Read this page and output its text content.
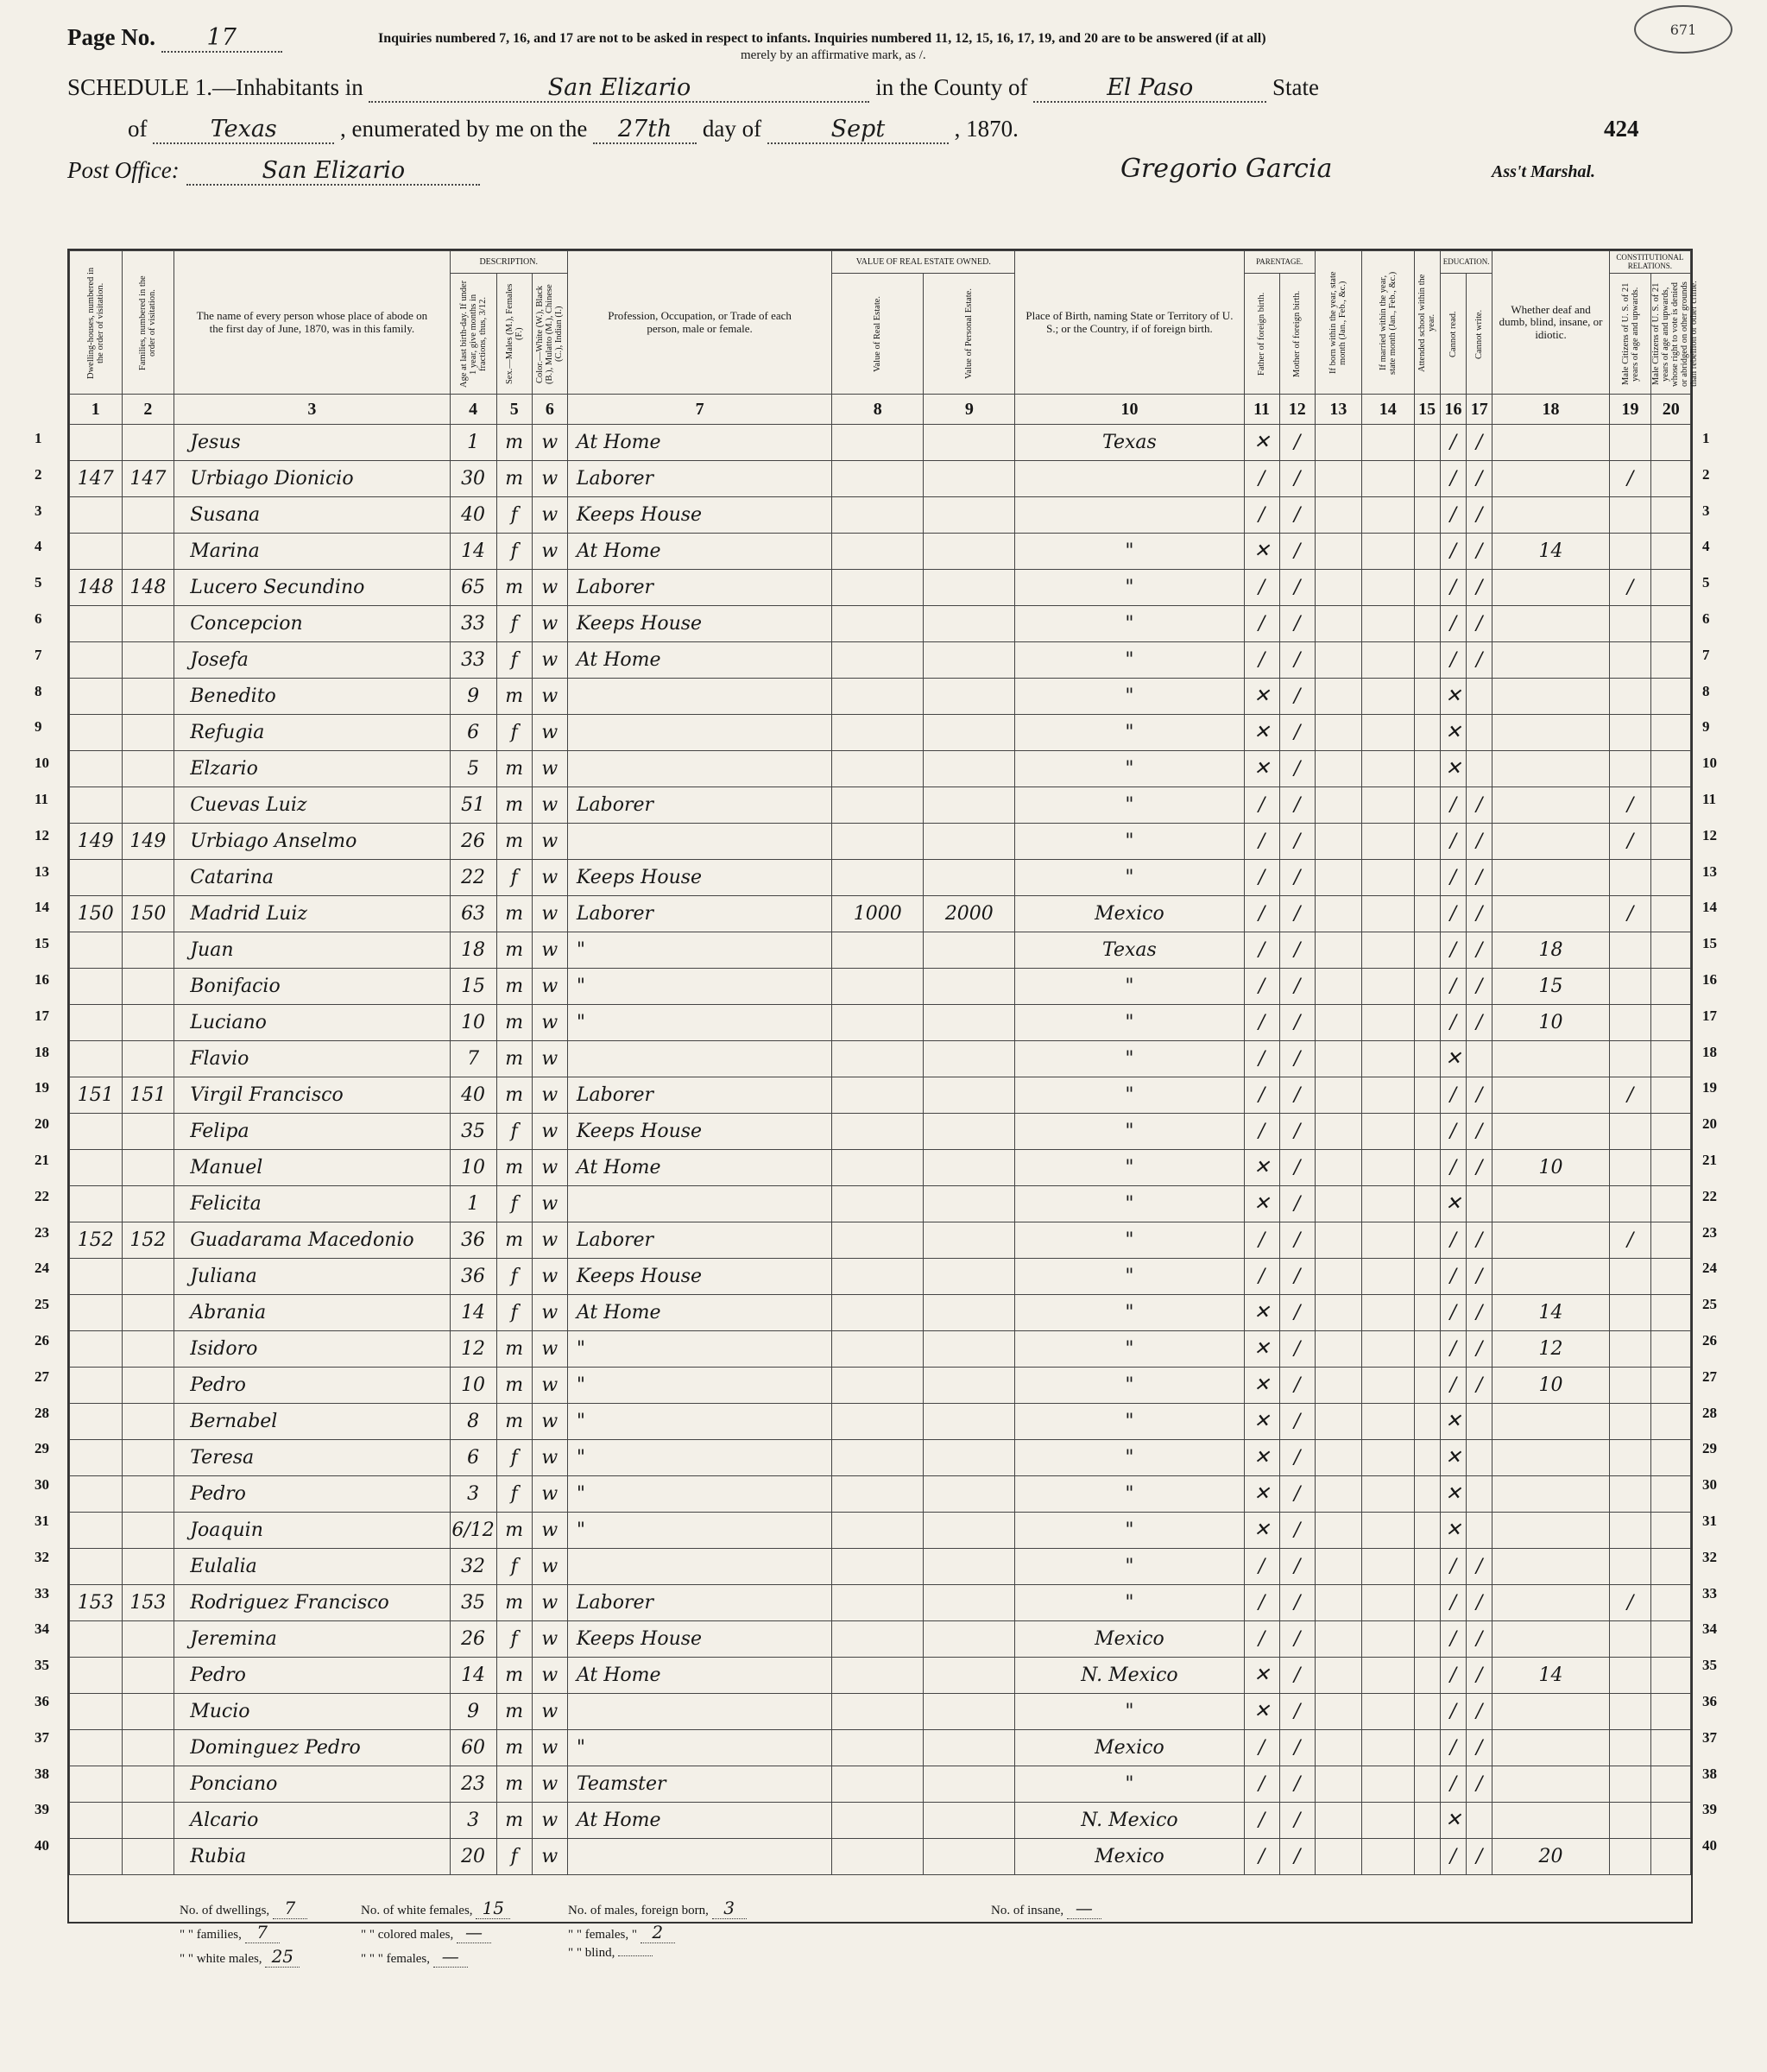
671
Page No. 17	Inquiries numbered 7, 16, and 17 are not to be asked in respect to infants. Inquiries numbered 11, 12, 15, 16, 17, 19, and 20 are to be answered (if at all)
merely by an affirmative mark, as /.
SCHEDULE 1.—Inhabitants in	San Elizario	in the County of	El Paso	State
of	Texas	, enumerated by me on the 27th day of	Sept	, 1870.	424
Post Office:	San Elizario	Gregorio Garcia	Ass't Marshal.
Dwelling-houses, numbered in the order of visitation.	Families, numbered in the order of visitation.	The name of every person whose place of abode on the first day of June, 1870, was in this family.	DESCRIPTION.			Profession, Occupation, or Trade of each person, male or female.	VALUE OF REAL ESTATE OWNED.		Place of Birth, naming State or Territory of U. S.; or the Country, if of foreign birth.	PARENTAGE.		If born within the year, state month (Jan., Feb., &c.)	If married within the year, state month (Jan., Feb., &c.)	Attended school within the year.	EDUCATION.		Whether deaf and dumb, blind, insane, or idiotic.	CONSTITUTIONAL RELATIONS.	

			Age at last birth-day. If under 1 year, give months in fractions, thus, 3/12.	Sex.—Males (M.), Females (F.)	Color.—White (W.), Black (B.), Mulatto (M.), Chinese (C.), Indian (I.)		Value of Real Estate.	Value of Personal Estate.		Father of foreign birth.	Mother of foreign birth.				Cannot read.	Cannot write.		Male Citizens of U. S. of 21 years of age and upwards.	Male Citizens of U. S. of 21 years of age and upwards, whose right to vote is denied or abridged on other grounds than rebellion or other crime.

1	2	3	4	5	6	7	8	9	10	11	12	13	14	15	16	17	18	19	20
		Jesus	1	m	w	At Home			Texas	✕	/				/	/			
147	147	Urbiago Dionicio	30	m	w	Laborer				/	/				/	/		/	
		Susana	40	f	w	Keeps House				/	/				/	/			
		Marina	14	f	w	At Home			"	✕	/				/	/	14		
148	148	Lucero Secundino	65	m	w	Laborer			"	/	/				/	/		/	
		Concepcion	33	f	w	Keeps House			"	/	/				/	/			
		Josefa	33	f	w	At Home			"	/	/				/	/			
		Benedito	9	m	w				"	✕	/				✕				
		Refugia	6	f	w				"	✕	/				✕				
		Elzario	5	m	w				"	✕	/				✕				
		Cuevas Luiz	51	m	w	Laborer			"	/	/				/	/		/	
149	149	Urbiago Anselmo	26	m	w				"	/	/				/	/		/	
		Catarina	22	f	w	Keeps House			"	/	/				/	/			
150	150	Madrid Luiz	63	m	w	Laborer	1000	2000	Mexico	/	/				/	/		/	
		Juan	18	m	w	"			Texas	/	/				/	/	18		
		Bonifacio	15	m	w	"			"	/	/				/	/	15		
		Luciano	10	m	w	"			"	/	/				/	/	10		
		Flavio	7	m	w				"	/	/				✕				
151	151	Virgil Francisco	40	m	w	Laborer			"	/	/				/	/		/	
		Felipa	35	f	w	Keeps House			"	/	/				/	/			
		Manuel	10	m	w	At Home			"	✕	/				/	/	10		
		Felicita	1	f	w				"	✕	/				✕				
152	152	Guadarama Macedonio	36	m	w	Laborer			"	/	/				/	/		/	
		Juliana	36	f	w	Keeps House			"	/	/				/	/			
		Abrania	14	f	w	At Home			"	✕	/				/	/	14		
		Isidoro	12	m	w	"			"	✕	/				/	/	12		
		Pedro	10	m	w	"			"	✕	/				/	/	10		
		Bernabel	8	m	w	"			"	✕	/				✕				
		Teresa	6	f	w	"			"	✕	/				✕				
		Pedro	3	f	w	"			"	✕	/				✕				
		Joaquin	6/12	m	w	"			"	✕	/				✕				
		Eulalia	32	f	w				"	/	/				/	/			
153	153	Rodriguez Francisco	35	m	w	Laborer			"	/	/				/	/		/	
		Jeremina	26	f	w	Keeps House			Mexico	/	/				/	/			
		Pedro	14	m	w	At Home			N. Mexico	✕	/				/	/	14		
		Mucio	9	m	w				"	✕	/				/	/			
		Dominguez Pedro	60	m	w	"			Mexico	/	/				/	/			
		Ponciano	23	m	w	Teamster			"	/	/				/	/			
		Alcario	3	m	w	At Home			N. Mexico	/	/				✕				
		Rubia	20	f	w				Mexico	/	/				/	/	20		
No. of dwellings, 7	No. of white females, 15	No. of males, foreign born, 3	No. of insane, —
" " families, 7	" " colored males, —	" " females, " 2
" " white males, 25	" " " females, —	" " blind,
1	1
2	2
3	3
4	4
5	5
6	6
7	7
8	8
9	9
10	10
11	11
12	12
13	13
14	14
15	15
16	16
17	17
18	18
19	19
20	20
21	21
22	22
23	23
24	24
25	25
26	26
27	27
28	28
29	29
30	30
31	31
32	32
33	33
34	34
35	35
36	36
37	37
38	38
39	39
40	40
